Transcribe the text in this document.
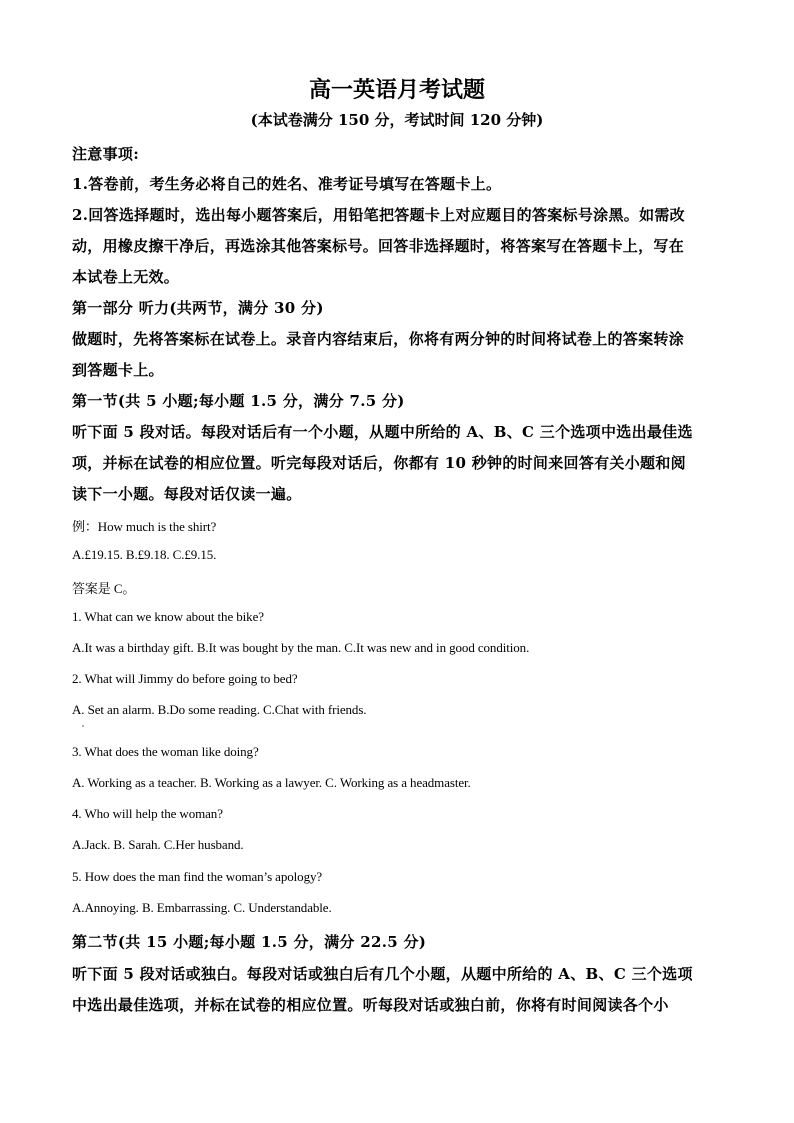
高一英语月考试题
(本试卷满分 150 分，考试时间 120 分钟)
注意事项:
1.答卷前，考生务必将自己的姓名、准考证号填写在答题卡上。
2.回答选择题时，选出每小题答案后，用铅笔把答题卡上对应题目的答案标号涂黑。如需改
动，用橡皮擦干净后，再选涂其他答案标号。回答非选择题时，将答案写在答题卡上，写在
本试卷上无效。
第一部分 听力(共两节，满分 30 分)
做题时，先将答案标在试卷上。录音内容结束后，你将有两分钟的时间将试卷上的答案转涂
到答题卡上。
第一节(共 5 小题;每小题 1.5 分，满分 7.5 分)
听下面 5 段对话。每段对话后有一个小题，从题中所给的 A、B、C 三个选项中选出最佳选
项，并标在试卷的相应位置。听完每段对话后，你都有 10 秒钟的时间来回答有关小题和阅
读下一小题。每段对话仅读一遍。
例：How much is the shirt?
A.£19.15. B.£9.18. C.£9.15.
答案是 C。
1. What can we know about the bike?
A.It was a birthday gift. B.It was bought by the man. C.It was new and in good condition.
2. What will Jimmy do before going to bed?
A. Set an alarm. B.Do some reading. C.Chat with friends.
3. What does the woman like doing?
A. Working as a teacher. B. Working as a lawyer. C. Working as a headmaster.
4. Who will help the woman?
A.Jack. B. Sarah. C.Her husband.
5. How does the man find the woman’s apology?
A.Annoying. B. Embarrassing. C. Understandable.
第二节(共 15 小题;每小题 1.5 分，满分 22.5 分)
听下面 5 段对话或独白。每段对话或独白后有几个小题，从题中所给的 A、B、C 三个选项
中选出最佳选项，并标在试卷的相应位置。听每段对话或独白前，你将有时间阅读各个小
